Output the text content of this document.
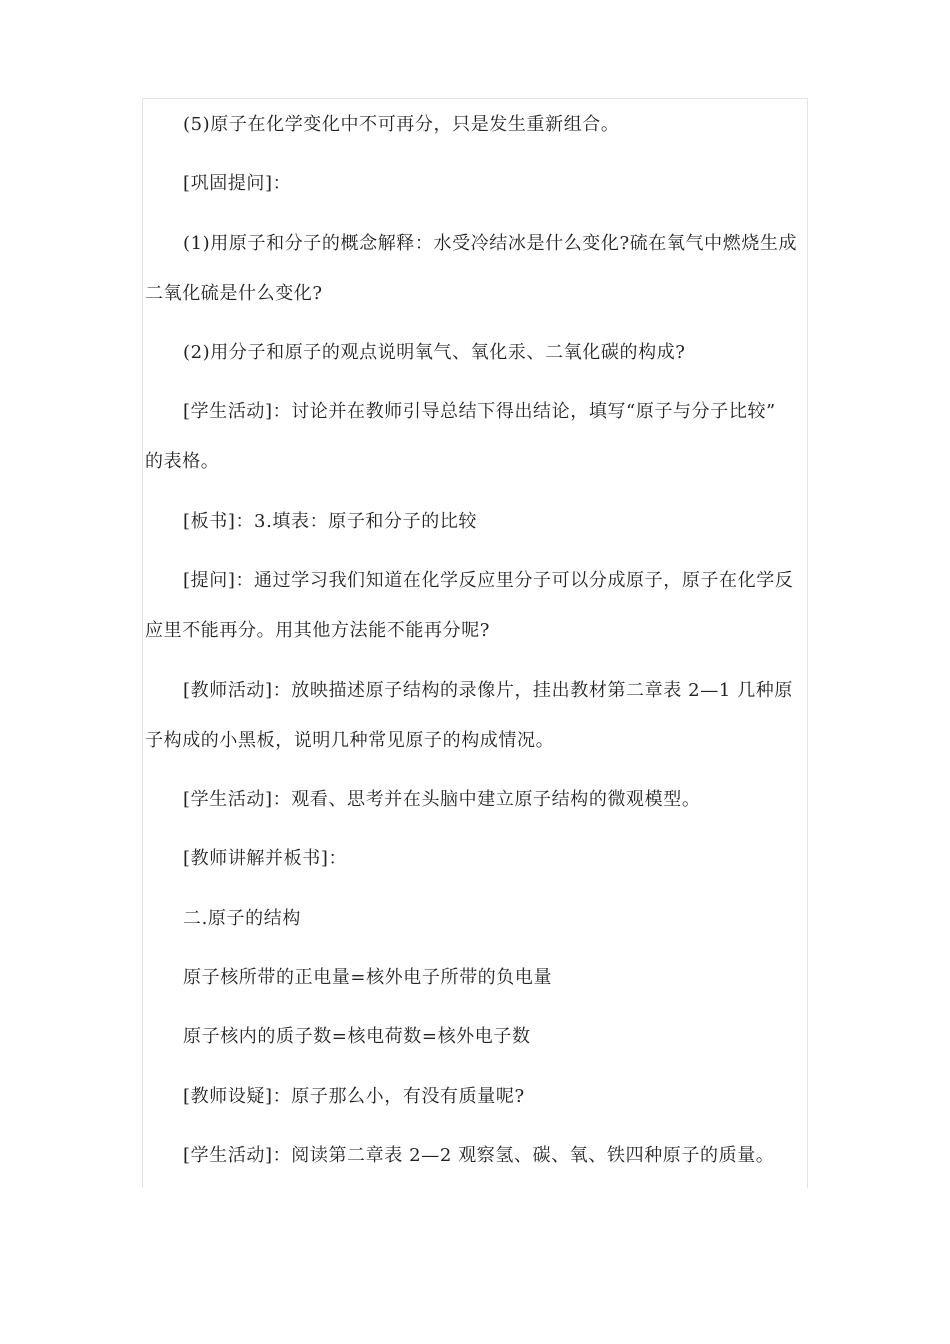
(5)原子在化学变化中不可再分，只是发生重新组合。
[巩固提问]：
(1)用原子和分子的概念解释：水受冷结冰是什么变化?硫在氧气中燃烧生成
二氧化硫是什么变化?
(2)用分子和原子的观点说明氧气、氧化汞、二氧化碳的构成?
[学生活动]：讨论并在教师引导总结下得出结论，填写“原子与分子比较”
的表格。
[板书]：3.填表：原子和分子的比较
[提问]：通过学习我们知道在化学反应里分子可以分成原子，原子在化学反
应里不能再分。用其他方法能不能再分呢?
[教师活动]：放映描述原子结构的录像片，挂出教材第二章表 2—1 几种原
子构成的小黑板，说明几种常见原子的构成情况。
[学生活动]：观看、思考并在头脑中建立原子结构的微观模型。
[教师讲解并板书]：
二.原子的结构
原子核所带的正电量=核外电子所带的负电量
原子核内的质子数=核电荷数=核外电子数
[教师设疑]：原子那么小，有没有质量呢?
[学生活动]：阅读第二章表 2—2 观察氢、碳、氧、铁四种原子的质量。
